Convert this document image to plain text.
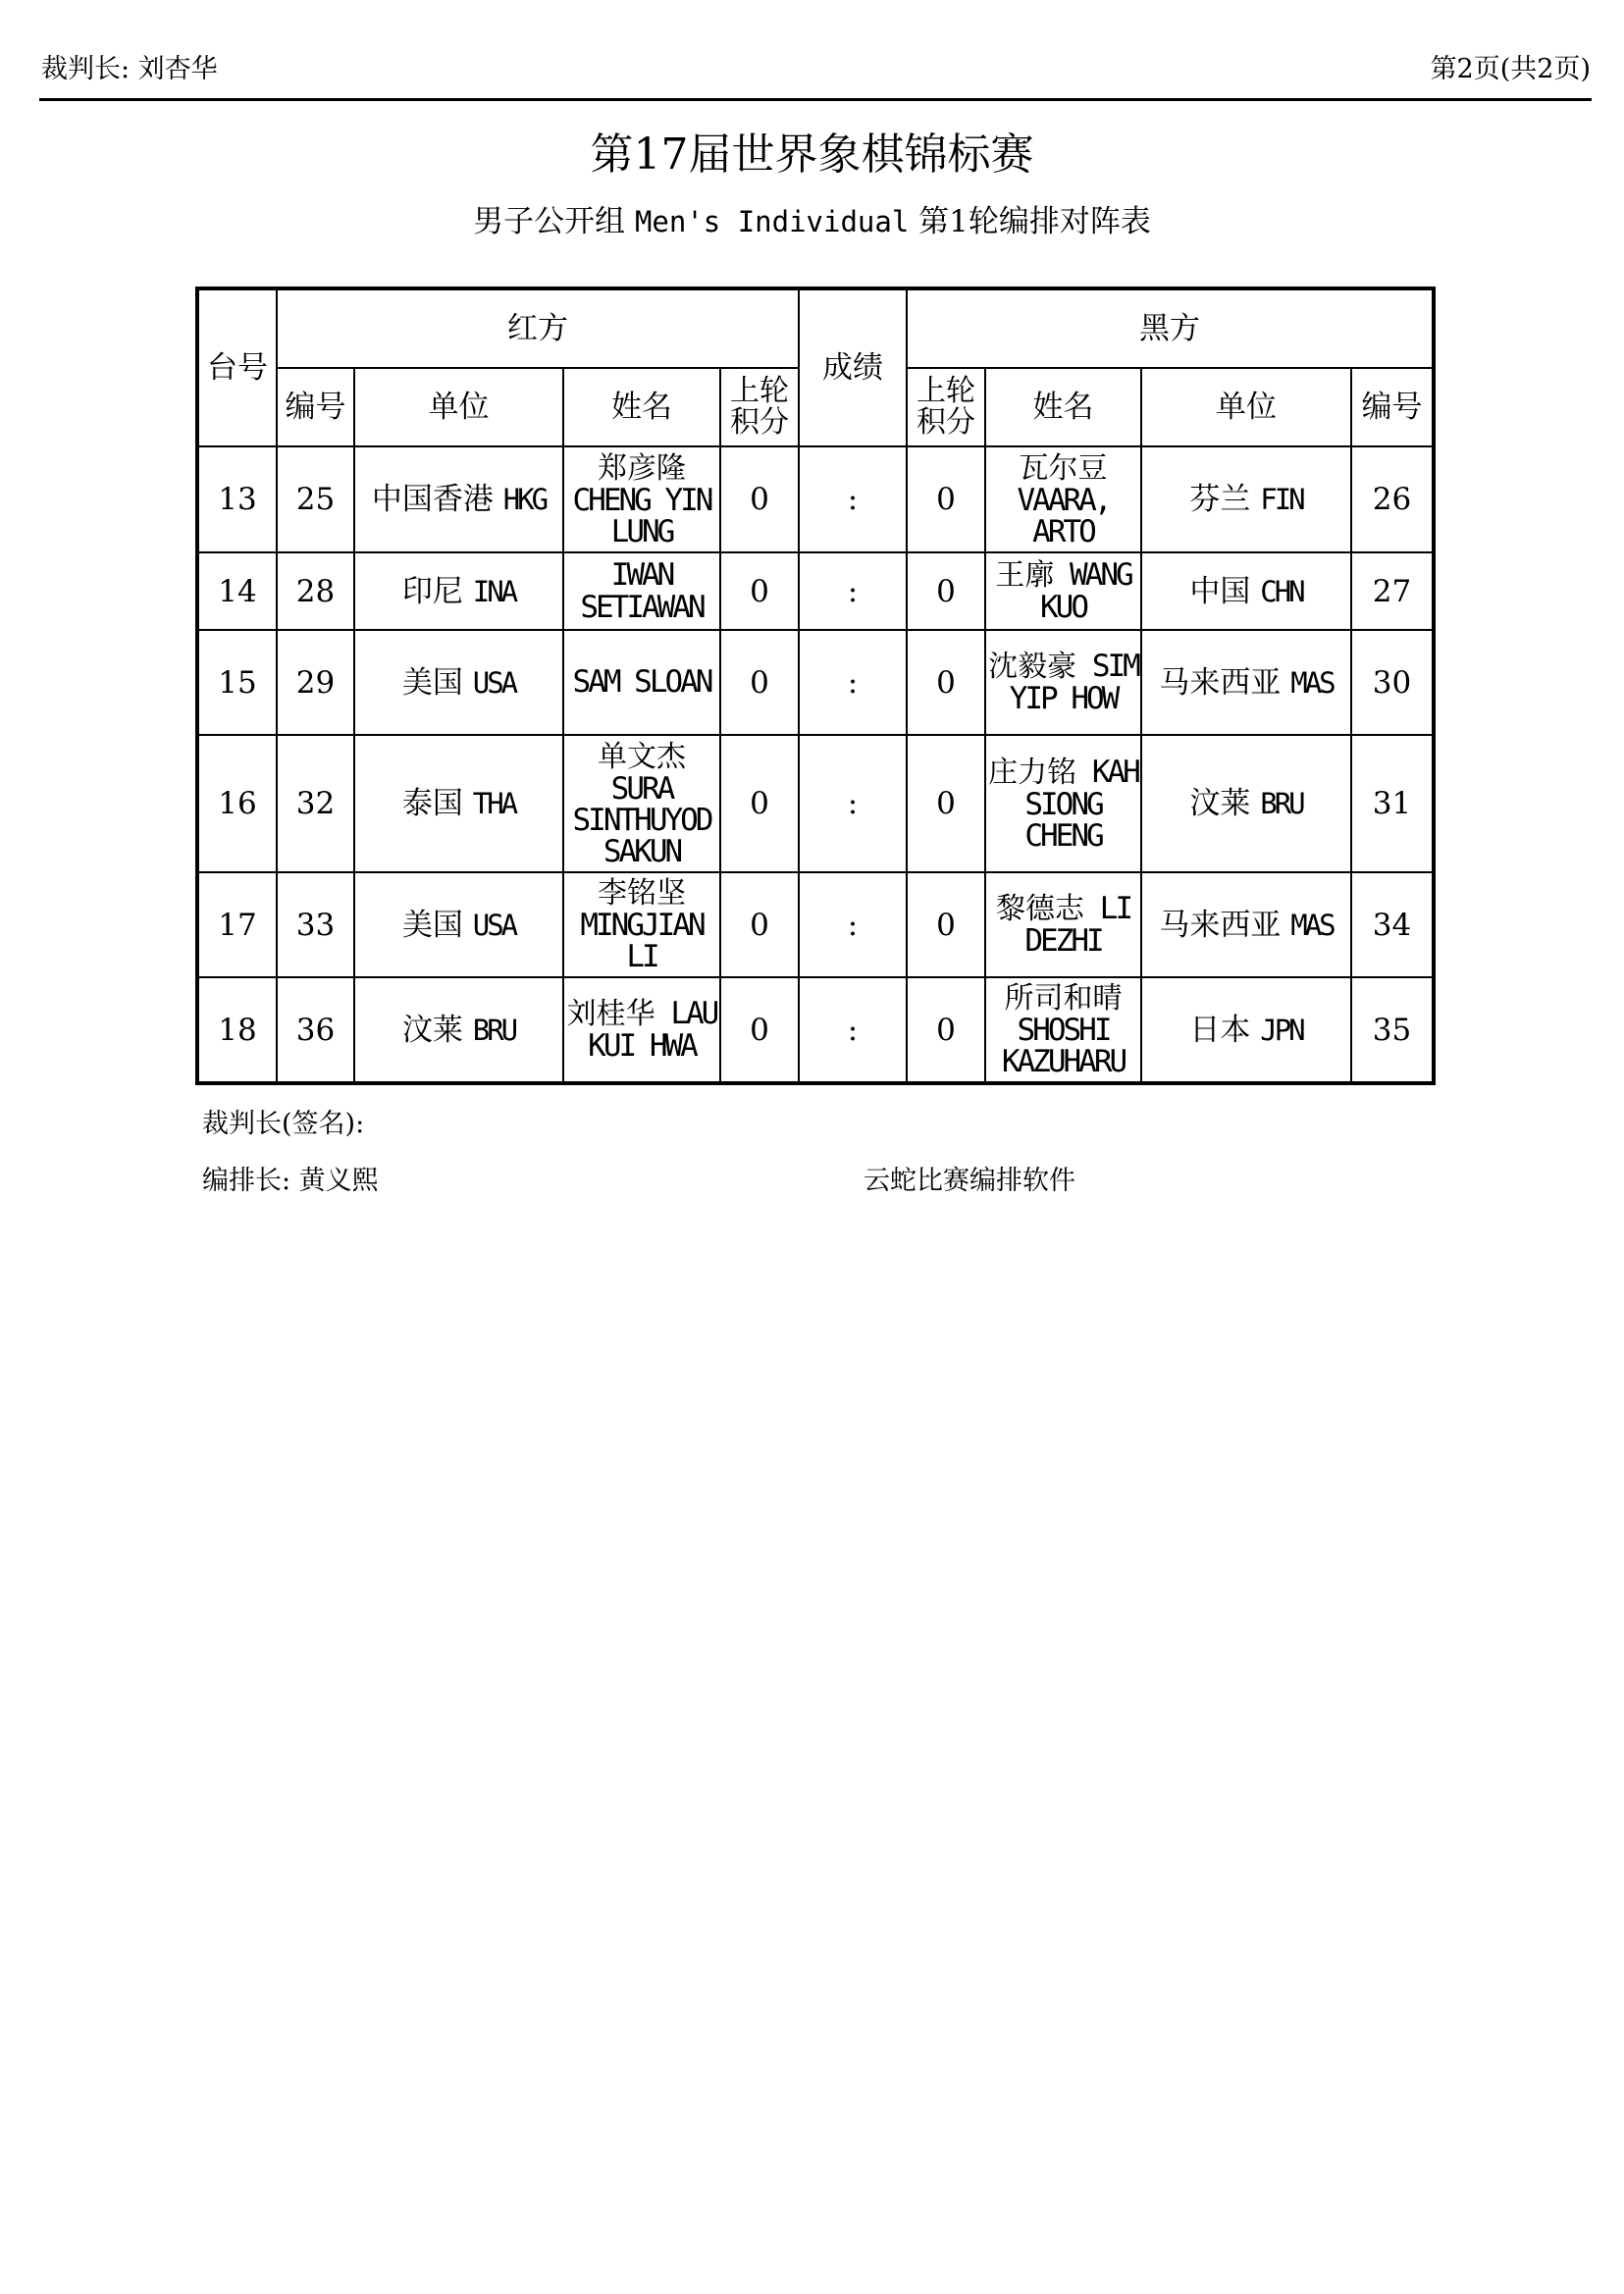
裁判长: 刘杏华	第2页(共2页)
第17届世界象棋锦标赛
男子公开组 Men's Individual 第1轮编排对阵表
台号	红方				成绩	黑方			
	编号	单位	姓名	上轮积分		上轮积分	姓名	单位	编号
13	25	中国香港 HKG	郑彦隆 CHENG YIN LUNG	0	:	0	瓦尔豆 VAARA, ARTO	芬兰 FIN	26
14	28	印尼 INA	IWAN SETIAWAN	0	:	0	王廓 WANG KUO	中国 CHN	27
15	29	美国 USA	SAM SLOAN	0	:	0	沈毅豪 SIM YIP HOW	马来西亚 MAS	30
16	32	泰国 THA	单文杰 SURA SINTHUYOD SAKUN	0	:	0	庄力铭 KAH SIONG CHENG	汶莱 BRU	31
17	33	美国 USA	李铭坚 MINGJIAN LI	0	:	0	黎德志 LI DEZHI	马来西亚 MAS	34
18	36	汶莱 BRU	刘桂华 LAU KUI HWA	0	:	0	所司和晴 SHOSHI KAZUHARU	日本 JPN	35
裁判长(签名):
编排长: 黄义熙	云蛇比赛编排软件
